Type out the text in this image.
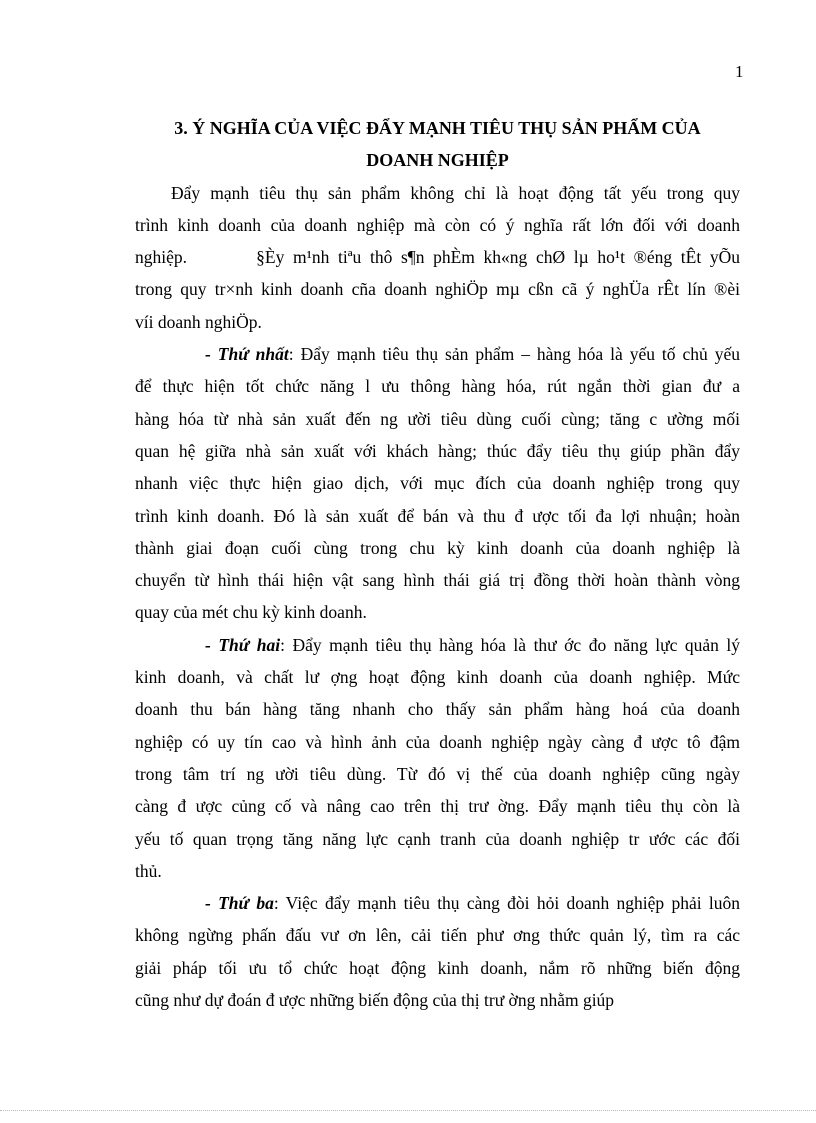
1
3. Ý NGHĨA CỦA VIỆC ĐẨY MẠNH TIÊU THỤ SẢN PHẨM CỦA
DOANH NGHIỆP
Đẩy mạnh tiêu thụ sản phẩm không chỉ là hoạt động tất yếu trong quy
trình kinh doanh của doanh nghiệp mà còn có ý nghĩa rất lớn đối với doanh
nghiệp.        §Èy m¹nh tiªu thô s¶n phÈm kh«ng chØ lµ ho¹t ®éng tÊt yÕu
trong quy tr×nh kinh doanh cña doanh nghiÖp mµ cßn cã ý nghÜa rÊt lín ®èi
víi doanh nghiÖp.
- Thứ nhất: Đẩy mạnh tiêu thụ sản phẩm – hàng hóa là yếu tố chủ yếu
để thực hiện tốt chức năng l ưu thông hàng hóa, rút ngắn thời gian đư a
hàng hóa từ nhà sản xuất đến ng ười tiêu dùng cuối cùng; tăng c ường mối
quan hệ giữa nhà sản xuất với khách hàng; thúc đẩy tiêu thụ giúp phần đẩy
nhanh việc thực hiện giao dịch, với mục đích của doanh nghiệp trong quy
trình kinh doanh. Đó là sản xuất để bán và thu đ ược tối đa lợi nhuận; hoàn
thành giai đoạn cuối cùng trong chu kỳ kinh doanh của doanh nghiệp là
chuyển từ hình thái hiện vật sang hình thái giá trị đồng thời hoàn thành vòng
quay của mét chu kỳ kinh doanh.
- Thứ hai: Đẩy mạnh tiêu thụ hàng hóa là thư ớc đo năng lực quản lý
kinh doanh, và chất lư ợng hoạt động kinh doanh của doanh nghiệp. Mức
doanh thu bán hàng tăng nhanh cho thấy sản phẩm hàng hoá của doanh
nghiệp có uy tín cao và hình ảnh của doanh nghiệp ngày càng đ ược tô đậm
trong tâm trí ng ười tiêu dùng. Từ đó vị thế của doanh nghiệp cũng ngày
càng đ ược củng cố và nâng cao trên thị trư ờng. Đẩy mạnh tiêu thụ còn là
yếu tố quan trọng tăng năng lực cạnh tranh của doanh nghiệp tr ước các đối
thủ.
- Thứ ba: Việc đẩy mạnh tiêu thụ càng đòi hỏi doanh nghiệp phải luôn
không ngừng phấn đấu vư ơn lên, cải tiến phư ơng thức quản lý, tìm ra các
giải pháp tối ưu tổ chức hoạt động kinh doanh, nắm rõ những biến động
cũng như dự đoán đ ược những biến động của thị trư ờng nhằm giúp
